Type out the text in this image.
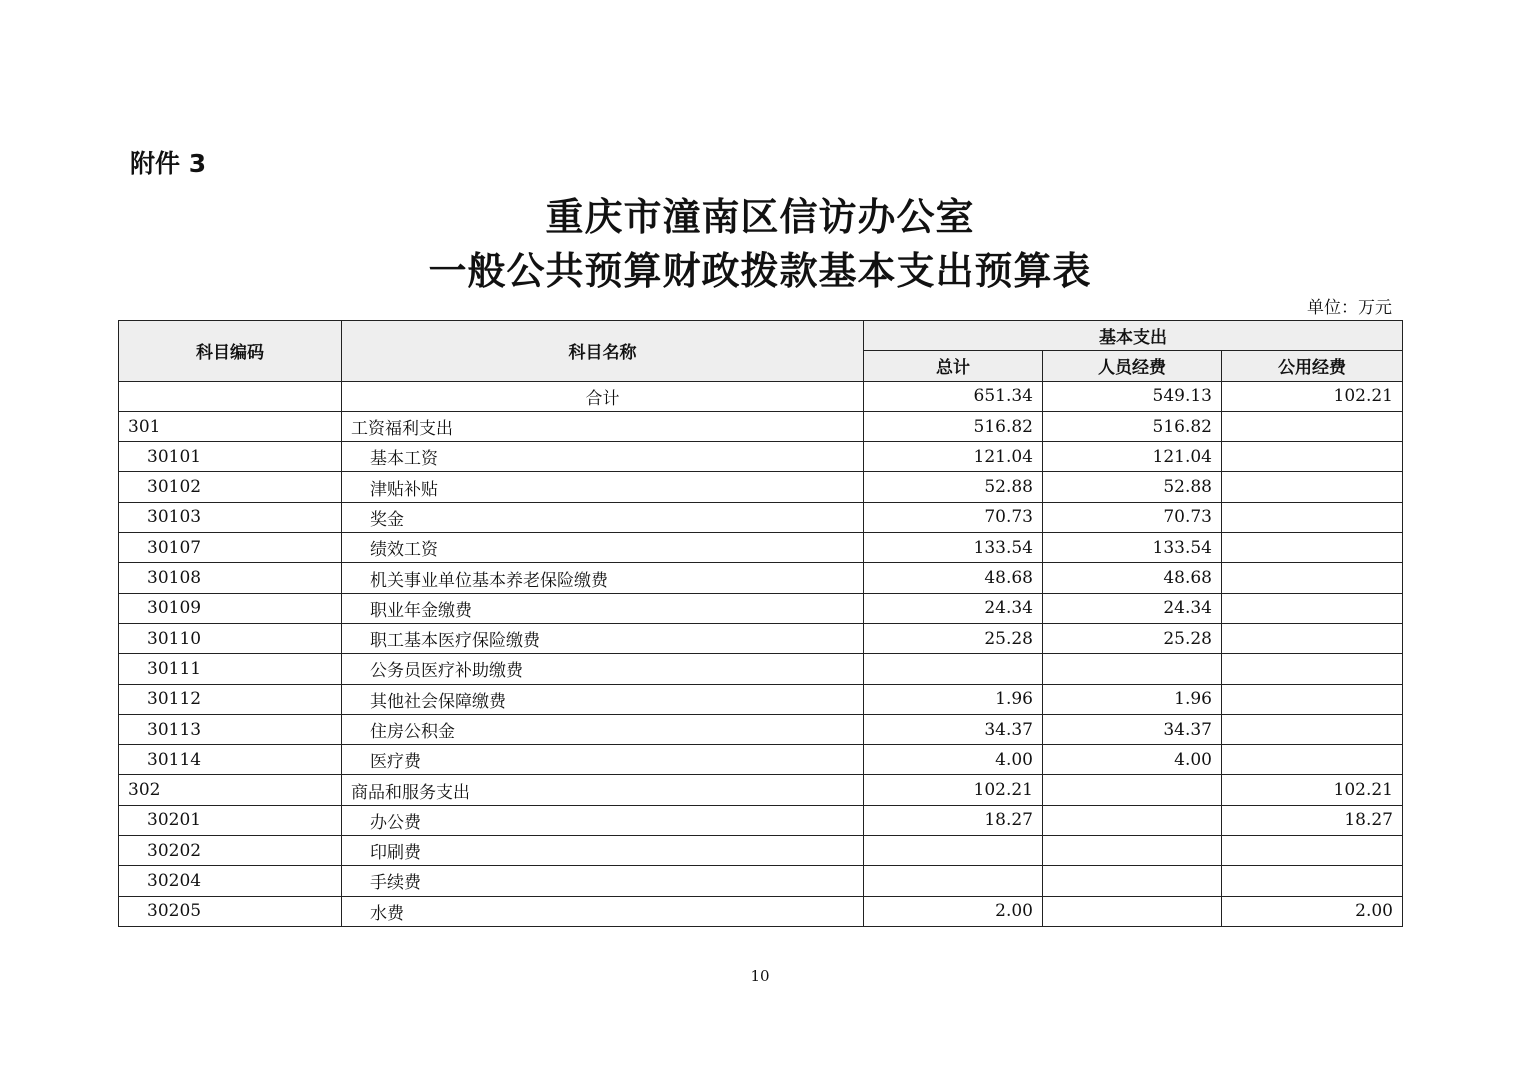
附件 3
重庆市潼南区信访办公室
一般公共预算财政拨款基本支出预算表
单位：万元
科目编码	科目名称	基本支出		
		总计	人员经费	公用经费
	合计	651.34	549.13	102.21
301	工资福利支出	516.82	516.82	
30101	基本工资	121.04	121.04	
30102	津贴补贴	52.88	52.88	
30103	奖金	70.73	70.73	
30107	绩效工资	133.54	133.54	
30108	机关事业单位基本养老保险缴费	48.68	48.68	
30109	职业年金缴费	24.34	24.34	
30110	职工基本医疗保险缴费	25.28	25.28	
30111	公务员医疗补助缴费			
30112	其他社会保障缴费	1.96	1.96	
30113	住房公积金	34.37	34.37	
30114	医疗费	4.00	4.00	
302	商品和服务支出	102.21		102.21
30201	办公费	18.27		18.27
30202	印刷费			
30204	手续费			
30205	水费	2.00		2.00
10
